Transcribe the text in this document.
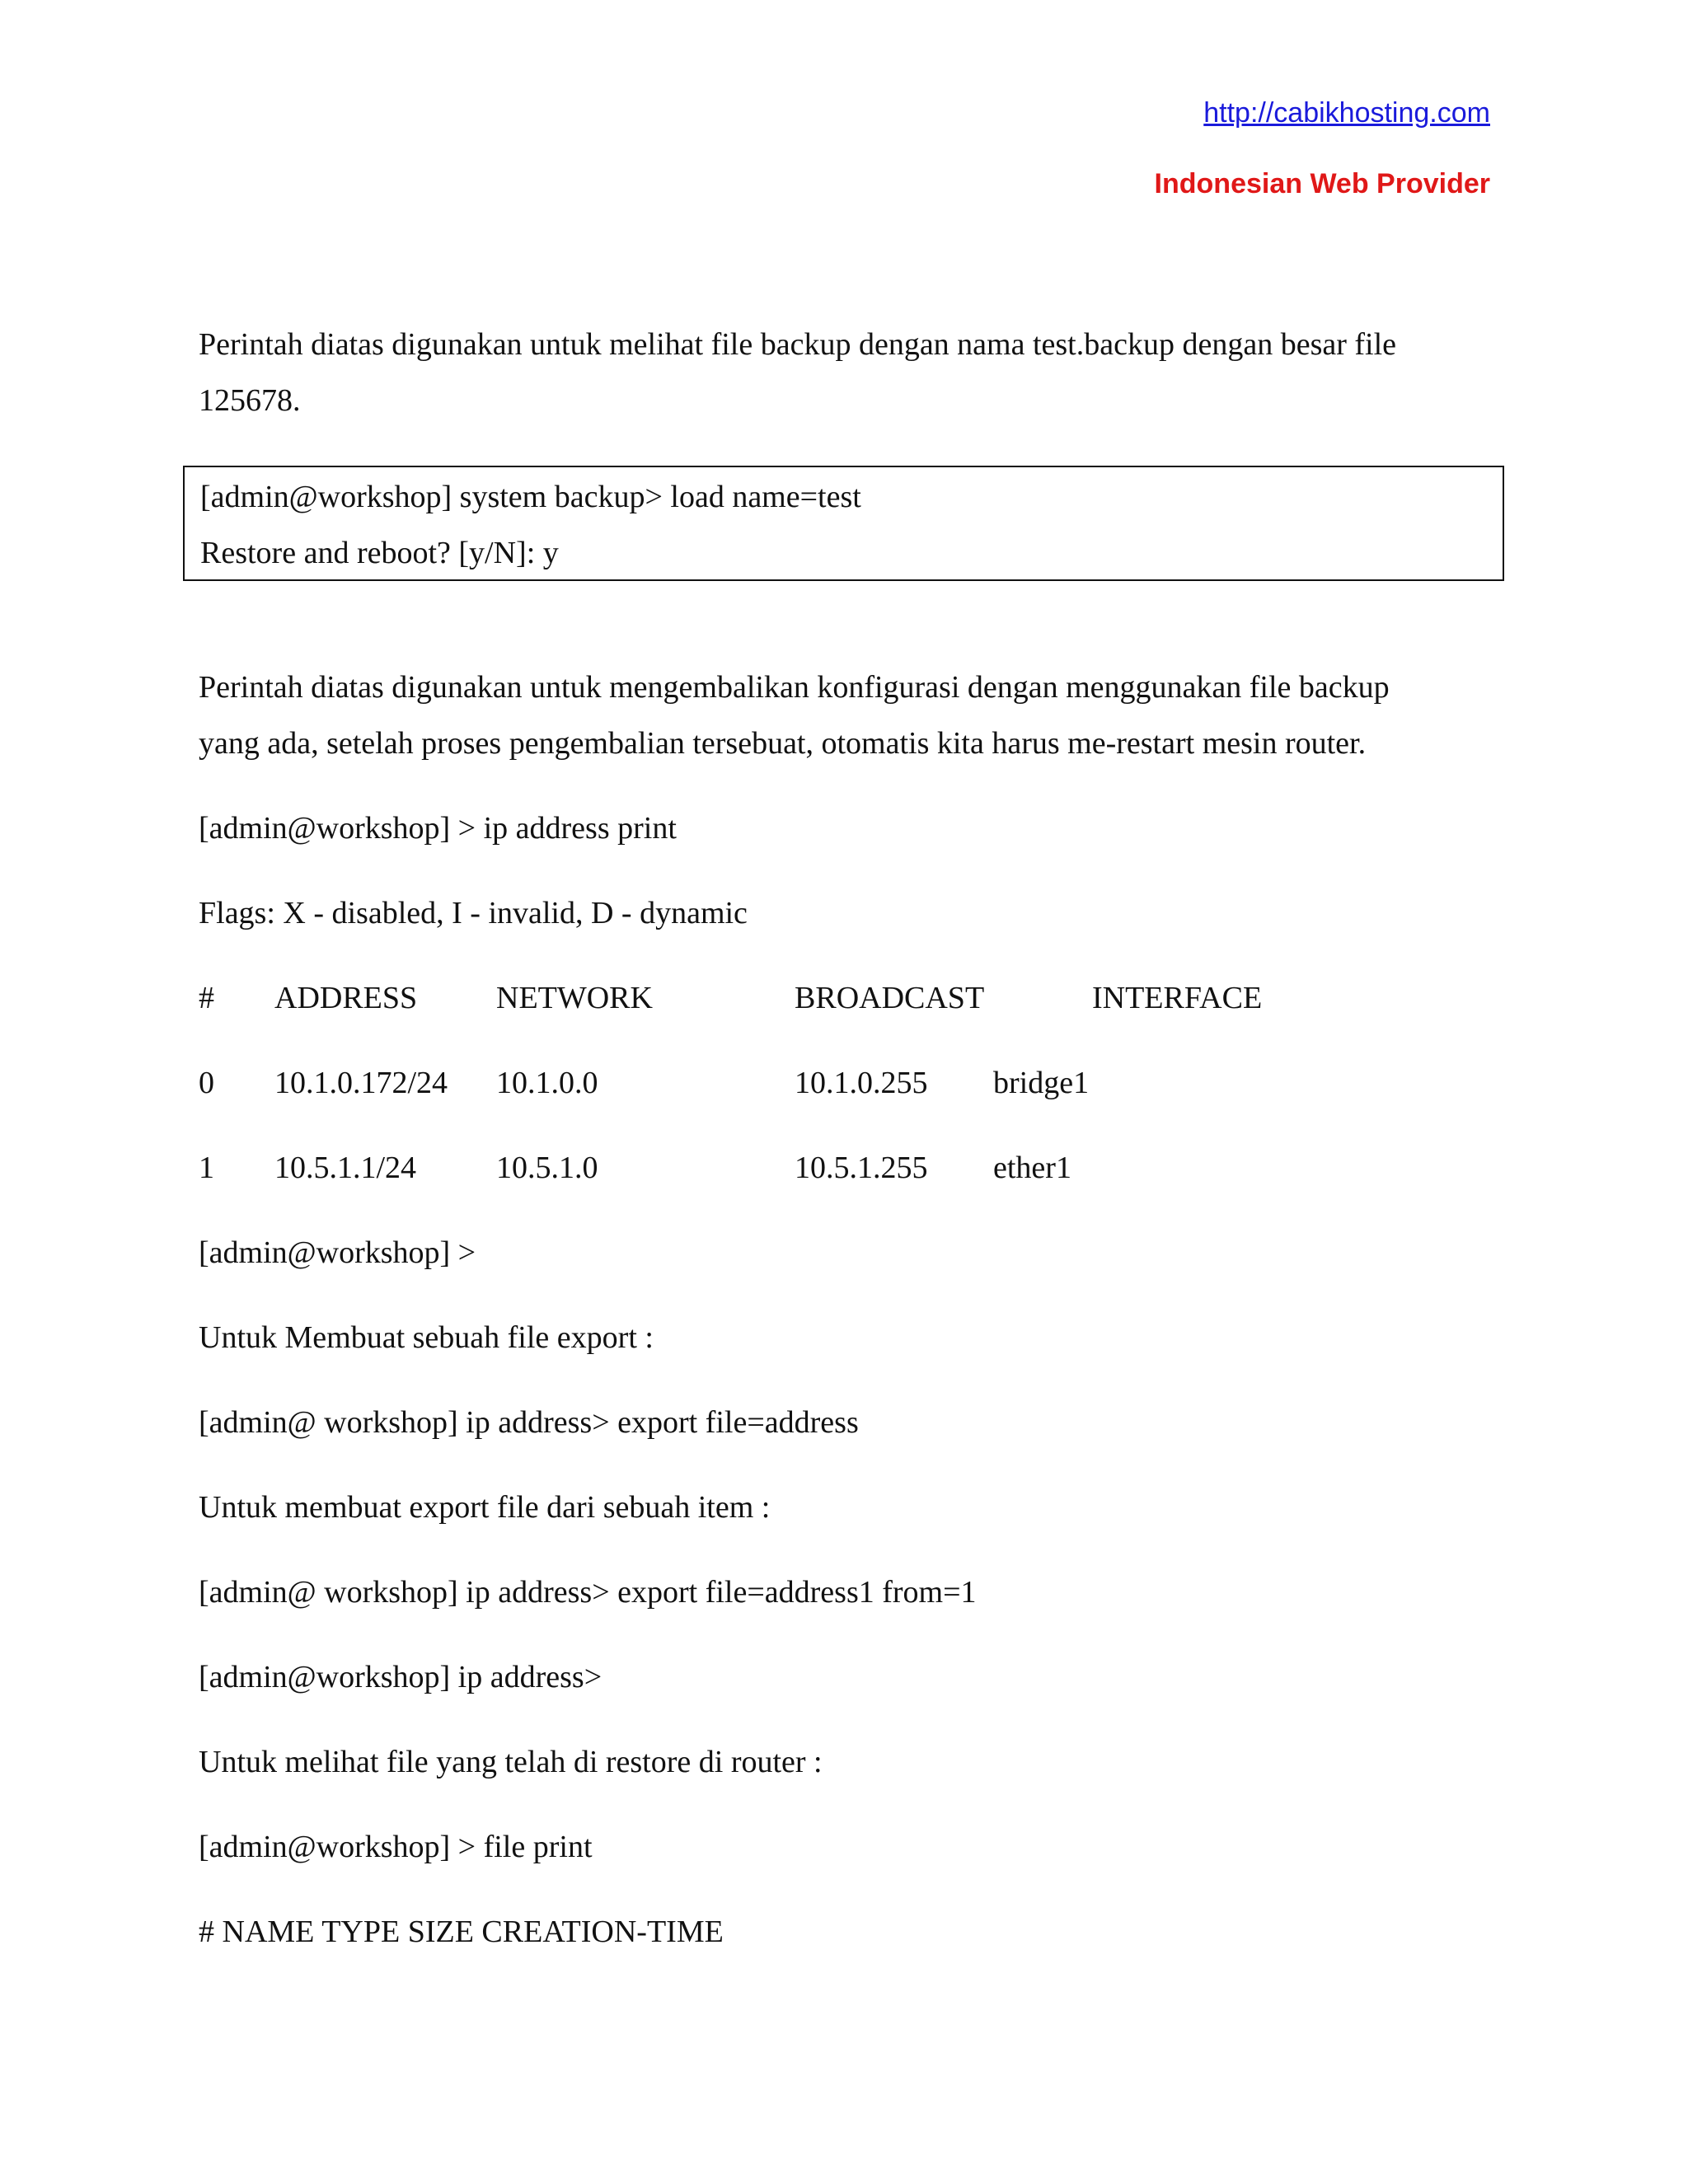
http://cabikhosting.com
Indonesian Web Provider
Perintah diatas digunakan untuk melihat file backup dengan nama test.backup dengan besar file
125678.
[admin@workshop] system backup> load name=test
Restore and reboot? [y/N]: y
Perintah diatas digunakan untuk mengembalikan konfigurasi dengan menggunakan file backup
yang ada, setelah proses pengembalian tersebuat, otomatis kita harus me-restart mesin router.
[admin@workshop] > ip address print
Flags: X - disabled, I - invalid, D - dynamic
# ADDRESS	NETWORK	BROADCAST	INTERFACE
0 10.1.0.172/24 10.1.0.0	10.1.0.255 bridge1
1 10.5.1.1/24	10.5.1.0	10.5.1.255 ether1
[admin@workshop] >
Untuk Membuat sebuah file export :
[admin@ workshop] ip address> export file=address
Untuk membuat export file dari sebuah item :
[admin@ workshop] ip address> export file=address1 from=1
[admin@workshop] ip address>
Untuk melihat file yang telah di restore di router :
[admin@workshop] > file print
# NAME TYPE SIZE CREATION-TIME
